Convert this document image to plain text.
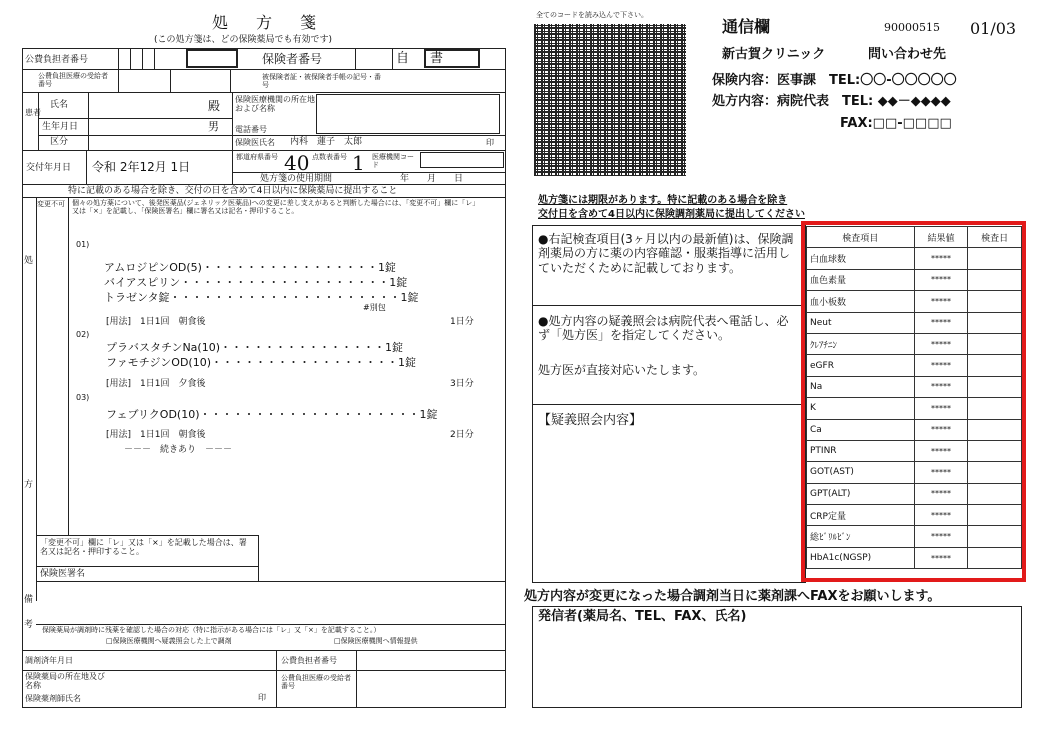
処　方　箋
(この処方箋は、どの保険薬局でも有効です)
公費負担者番号	保険者番号	自 書
公費負担医療の受給者番号
被保険者証・被保険者手帳の記号・番号
患者
氏名	殿
生年月日	男
区分
保険医療機関の所在地および名称
電話番号
保険医氏名 内科　蓮子　太郎	印
交付年月日 令和 2年12月 1日
都道府県番号 40 点数表番号 1 医療機関コード
処方箋の使用期間	年　　月　　日
特に記載のある場合を除き、交付の日を含めて4日以内に保険薬局に提出すること
変更不可 個々の処方薬について、後発医薬品(ジェネリック医薬品)への変更に差し支えがあると判断した場合には、「変更不可」欄に「レ」又は「×」を記載し、「保険医署名」欄に署名又は記名・押印すること。
処
方
01)
アムロジピンOD(5)・・・・・・・・・・・・・・・・1錠
バイアスピリン・・・・・・・・・・・・・・・・・・・1錠
トラゼンタ錠・・・・・・・・・・・・・・・・・・・・・1錠
#別包
[用法]　1日1回　朝食後	1日分
02)
プラバスタチンNa(10)・・・・・・・・・・・・・・・1錠
ファモチジンOD(10)・・・・・・・・・・・・・・・・・1錠
[用法]　1日1回　夕食後	3日分
03)
フェブリクOD(10)・・・・・・・・・・・・・・・・・・・・1錠
[用法]　1日1回　朝食後	2日分
－－－　続きあり　－－－
「変更不可」欄に「レ」又は「×」を記載した場合は、署名又は記名・押印すること。
保険医署名
備
考 保険薬局が調剤時に残薬を確認した場合の対応（特に指示がある場合には「レ」又「×」を記載すること。）
□保険医療機関へ疑義照会した上で調剤	□保険医療機関へ情報提供
調剤済年月日	公費負担者番号
保険薬局の所在地及び名称
保険薬剤師氏名	印
公費負担医療の受給者番号
全てのコードを読み込んで下さい。
通信欄	90000515 01/03
新古賀クリニック	問い合わせ先
保険内容：医事課　TEL:〇〇-〇〇〇〇〇
処方内容：病院代表　TEL: ◆◆－◆◆◆◆
FAX:□□-□□□□
処方箋には期限があります。特に記載のある場合を除き
交付日を含めて4日以内に保険調剤薬局に提出してください
●右記検査項目(3ヶ月以内の最新値)は、保険調剤薬局の方に薬の内容確認・服薬指導に活用していただくために記載しております。
●処方内容の疑義照会は病院代表へ電話し、必ず「処方医」を指定してください。
処方医が直接対応いたします。
【疑義照会内容】
検査項目	結果値	検査日
白血球数	*****	
血色素量	*****	
血小板数	*****	
Neut	*****	
ｸﾚｱﾁﾆﾝ	*****	
eGFR	*****	
Na	*****	
K	*****	
Ca	*****	
PTINR	*****	
GOT(AST)	*****	
GPT(ALT)	*****	
CRP定量	*****	
総ﾋﾞﾘﾙﾋﾞﾝ	*****	
HbA1c(NGSP)	*****	
処方内容が変更になった場合調剤当日に薬剤課へFAXをお願いします。
発信者(薬局名、TEL、FAX、氏名)
